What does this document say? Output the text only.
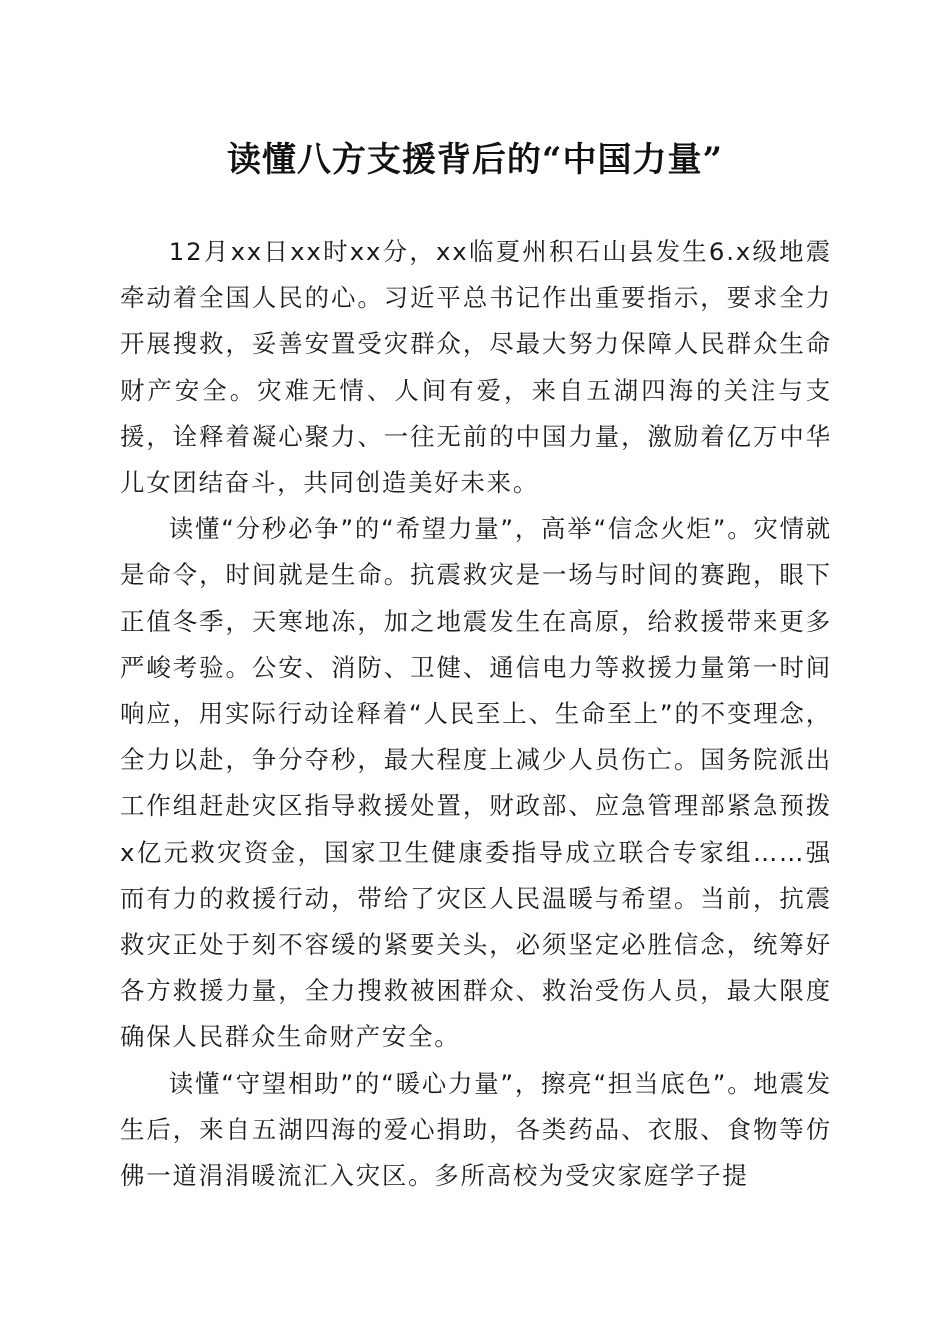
读懂八方支援背后的“中国力量”

12月xx日xx时xx分，xx临夏州积石山县发生6.x级地震牵动着全国人民的心。习近平总书记作出重要指示，要求全力开展搜救，妥善安置受灾群众，尽最大努力保障人民群众生命财产安全。灾难无情、人间有爱，来自五湖四海的关注与支援，诠释着凝心聚力、一往无前的中国力量，激励着亿万中华儿女团结奋斗，共同创造美好未来。

读懂“分秒必争”的“希望力量”，高举“信念火炬”。灾情就是命令，时间就是生命。抗震救灾是一场与时间的赛跑，眼下正值冬季，天寒地冻，加之地震发生在高原，给救援带来更多严峻考验。公安、消防、卫健、通信电力等救援力量第一时间响应，用实际行动诠释着“人民至上、生命至上”的不变理念，全力以赴，争分夺秒，最大程度上减少人员伤亡。国务院派出工作组赶赴灾区指导救援处置，财政部、应急管理部紧急预拨x亿元救灾资金，国家卫生健康委指导成立联合专家组……强而有力的救援行动，带给了灾区人民温暖与希望。当前，抗震救灾正处于刻不容缓的紧要关头，必须坚定必胜信念，统筹好各方救援力量，全力搜救被困群众、救治受伤人员，最大限度确保人民群众生命财产安全。

读懂“守望相助”的“暖心力量”，擦亮“担当底色”。地震发生后，来自五湖四海的爱心捐助，各类药品、衣服、食物等仿佛一道涓涓暖流汇入灾区。多所高校为受灾家庭学子提
